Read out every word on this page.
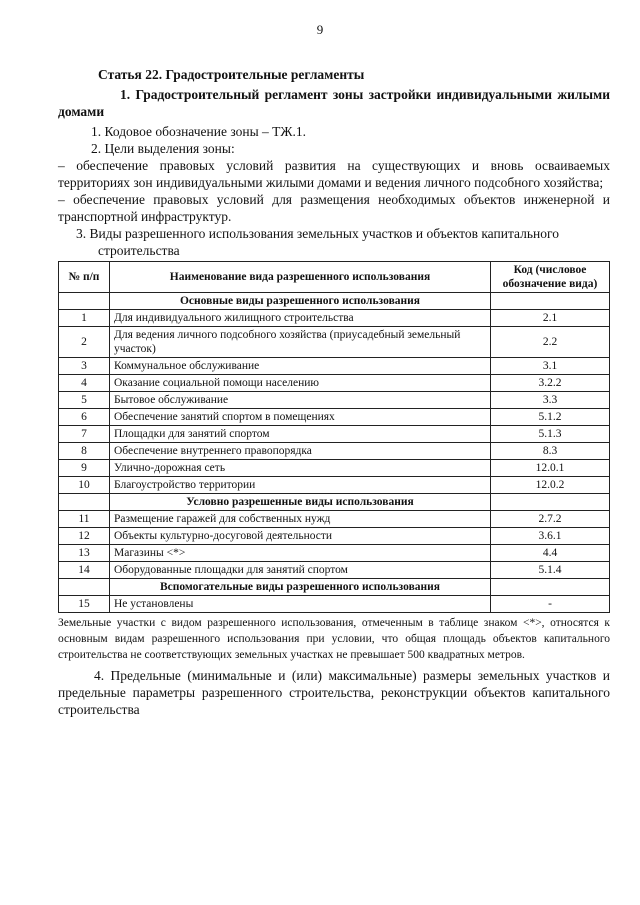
9

Статья 22. Градостроительные регламенты

1. Градостроительный регламент зоны застройки индивидуальными жилыми домами

1. Кодовое обозначение зоны – ТЖ.1.

2. Цели выделения зоны:

– обеспечение правовых условий развития на существующих и вновь осваиваемых территориях зон индивидуальными жилыми домами и ведения личного подсобного хозяйства;

– обеспечение правовых условий для размещения необходимых объектов инженерной и транспортной инфраструктур.

3. Виды разрешенного использования земельных участков и объектов капитального строительства

№ п/п	Наименование вида разрешенного использования	Код (числовое обозначение вида)
	Основные виды разрешенного использования	
1	Для индивидуального жилищного строительства	2.1
2	Для ведения личного подсобного хозяйства (приусадебный земельный участок)	2.2
3	Коммунальное обслуживание	3.1
4	Оказание социальной помощи населению	3.2.2
5	Бытовое обслуживание	3.3
6	Обеспечение занятий спортом в помещениях	5.1.2
7	Площадки для занятий спортом	5.1.3
8	Обеспечение внутреннего правопорядка	8.3
9	Улично-дорожная сеть	12.0.1
10	Благоустройство территории	12.0.2
	Условно разрешенные виды использования	
11	Размещение гаражей для собственных нужд	2.7.2
12	Объекты культурно-досуговой деятельности	3.6.1
13	Магазины <*>	4.4
14	Оборудованные площадки для занятий спортом	5.1.4
	Вспомогательные виды разрешенного использования	
15	Не установлены	-

Земельные участки с видом разрешенного использования, отмеченным в таблице знаком <*>, относятся к основным видам разрешенного использования при условии, что общая площадь объектов капитального строительства не соответствующих земельных участках не превышает 500 квадратных метров.

4. Предельные (минимальные и (или) максимальные) размеры земельных участков и предельные параметры разрешенного строительства, реконструкции объектов капитального строительства
